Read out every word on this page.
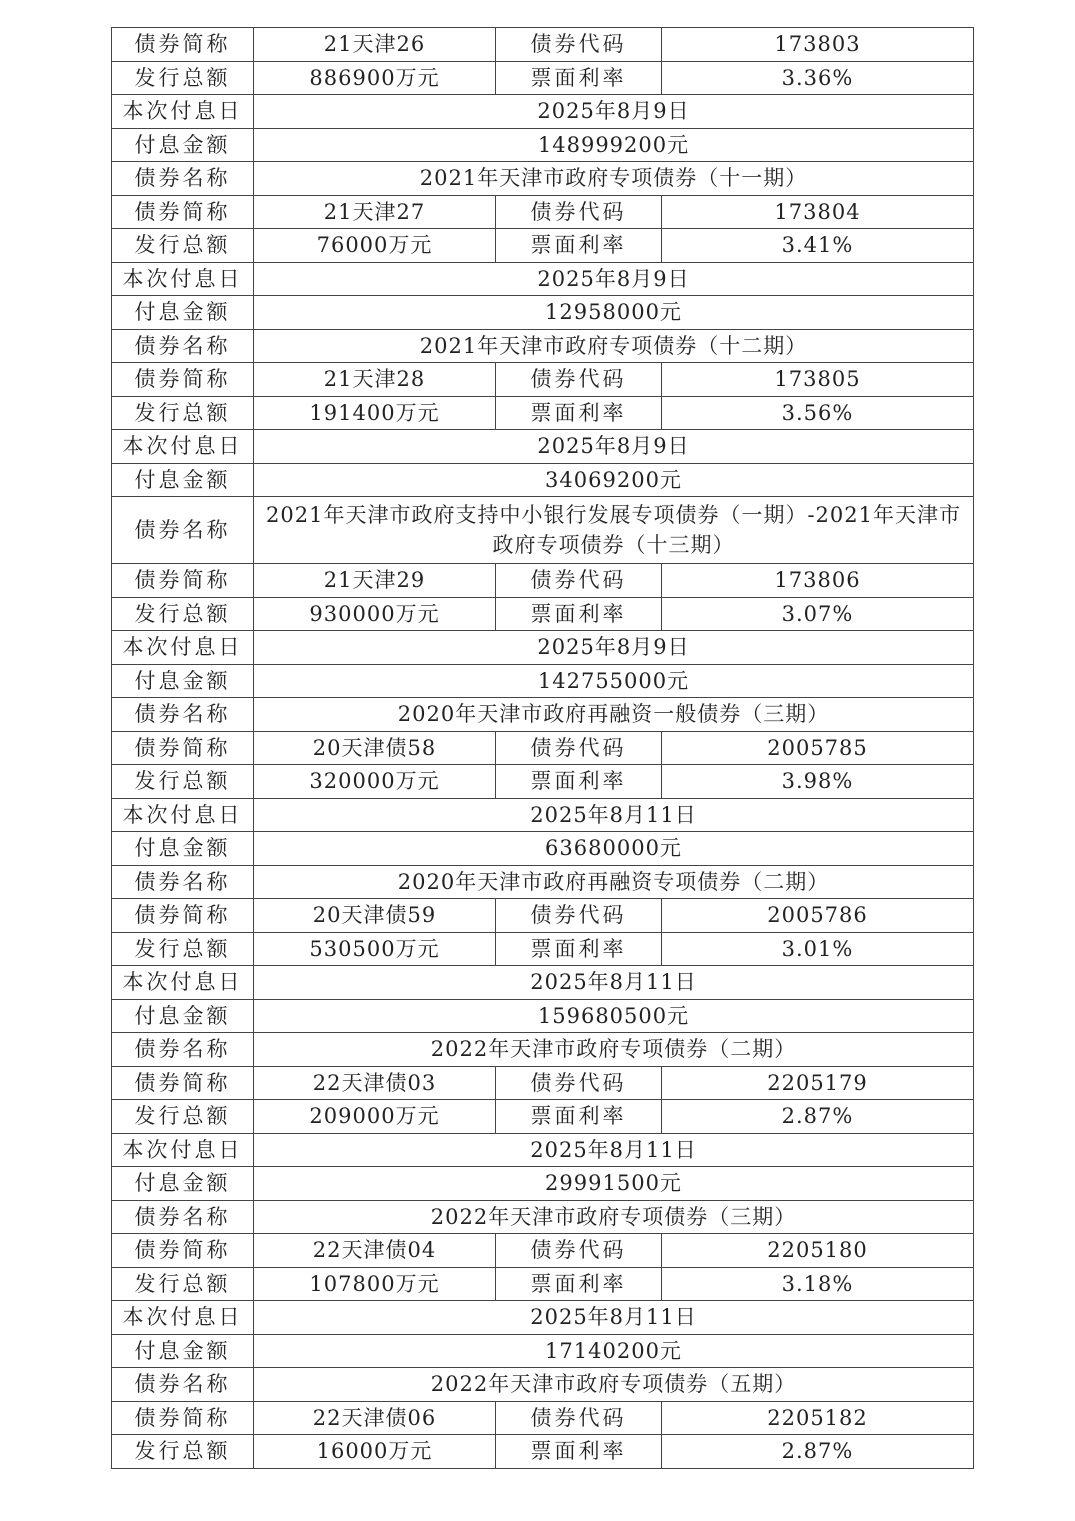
债券简称	21天津26	债券代码	173803
发行总额	886900万元	票面利率	3.36%
本次付息日	2025年8月9日		
付息金额	148999200元		
债券名称	2021年天津市政府专项债券（十一期）		
债券简称	21天津27	债券代码	173804
发行总额	76000万元	票面利率	3.41%
本次付息日	2025年8月9日		
付息金额	12958000元		
债券名称	2021年天津市政府专项债券（十二期）		
债券简称	21天津28	债券代码	173805
发行总额	191400万元	票面利率	3.56%
本次付息日	2025年8月9日		
付息金额	34069200元		
债券名称	2021年天津市政府支持中小银行发展专项债券（一期）-2021年天津市政府专项债券（十三期）		
债券简称	21天津29	债券代码	173806
发行总额	930000万元	票面利率	3.07%
本次付息日	2025年8月9日		
付息金额	142755000元		
债券名称	2020年天津市政府再融资一般债券（三期）		
债券简称	20天津债58	债券代码	2005785
发行总额	320000万元	票面利率	3.98%
本次付息日	2025年8月11日		
付息金额	63680000元		
债券名称	2020年天津市政府再融资专项债券（二期）		
债券简称	20天津债59	债券代码	2005786
发行总额	530500万元	票面利率	3.01%
本次付息日	2025年8月11日		
付息金额	159680500元		
债券名称	2022年天津市政府专项债券（二期）		
债券简称	22天津债03	债券代码	2205179
发行总额	209000万元	票面利率	2.87%
本次付息日	2025年8月11日		
付息金额	29991500元		
债券名称	2022年天津市政府专项债券（三期）		
债券简称	22天津债04	债券代码	2205180
发行总额	107800万元	票面利率	3.18%
本次付息日	2025年8月11日		
付息金额	17140200元		
债券名称	2022年天津市政府专项债券（五期）		
债券简称	22天津债06	债券代码	2205182
发行总额	16000万元	票面利率	2.87%
